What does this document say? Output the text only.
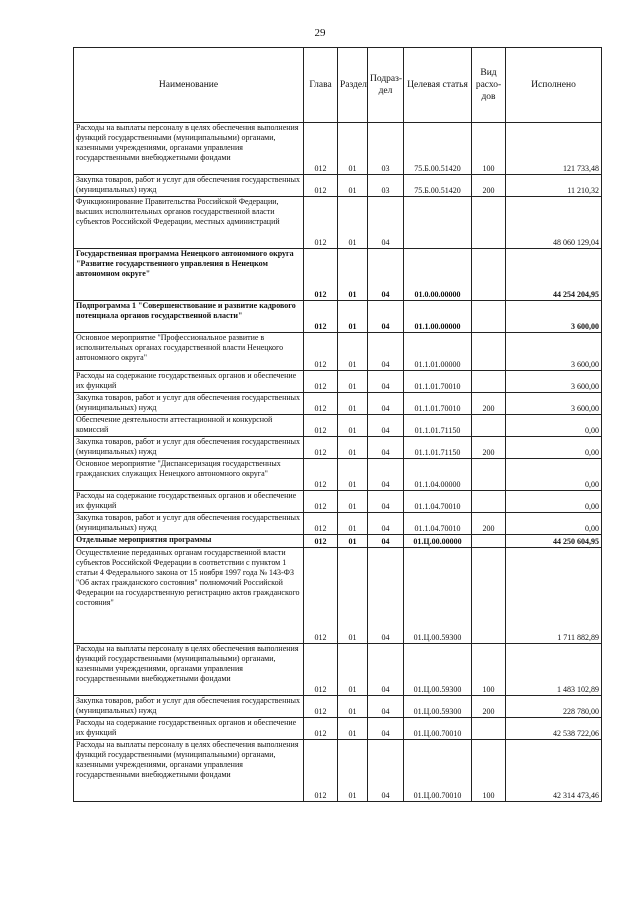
29
Наименование	Глава	Раздел	Подраз-дел	Целевая статья	Вид расхо-дов	Исполнено
Расходы на выплаты персоналу в целях обеспечения выполнения функций государственными (муниципальными) органами, казенными учреждениями, органами управления государственными внебюджетными фондами	012	01	03	75.Б.00.51420	100	121 733,48
Закупка товаров, работ и услуг для обеспечения государственных (муниципальных) нужд	012	01	03	75.Б.00.51420	200	11 210,32
Функционирование Правительства Российской Федерации, высших исполнительных органов государственной власти субъектов Российской Федерации, местных администраций	012	01	04			48 060 129,04
Государственная программа Ненецкого автономного округа "Развитие государственного управления в Ненецком автономном округе"	012	01	04	01.0.00.00000		44 254 204,95
Подпрограмма 1 "Совершенствование и развитие кадрового потенциала органов государственной власти"	012	01	04	01.1.00.00000		3 600,00
Основное мероприятие "Профессиональное развитие в исполнительных органах государственной власти Ненецкого автономного округа"	012	01	04	01.1.01.00000		3 600,00
Расходы на содержание государственных органов и обеспечение их функций	012	01	04	01.1.01.70010		3 600,00
Закупка товаров, работ и услуг для обеспечения государственных (муниципальных) нужд	012	01	04	01.1.01.70010	200	3 600,00
Обеспечение деятельности аттестационной и конкурсной комиссий	012	01	04	01.1.01.71150		0,00
Закупка товаров, работ и услуг для обеспечения государственных (муниципальных) нужд	012	01	04	01.1.01.71150	200	0,00
Основное мероприятие "Диспансеризация государственных гражданских служащих Ненецкого автономного округа"	012	01	04	01.1.04.00000		0,00
Расходы на содержание государственных органов и обеспечение их функций	012	01	04	01.1.04.70010		0,00
Закупка товаров, работ и услуг для обеспечения государственных (муниципальных) нужд	012	01	04	01.1.04.70010	200	0,00
Отдельные мероприятия программы	012	01	04	01.Ц.00.00000		44 250 604,95
Осуществление переданных органам государственной власти субъектов Российской Федерации в соответствии с пунктом 1 статьи 4 Федерального закона от 15 ноября 1997 года № 143-ФЗ "Об актах гражданского состояния" полномочий Российской Федерации на государственную регистрацию актов гражданского состояния"	012	01	04	01.Ц.00.59300		1 711 882,89
Расходы на выплаты персоналу в целях обеспечения выполнения функций государственными (муниципальными) органами, казенными учреждениями, органами управления государственными внебюджетными фондами	012	01	04	01.Ц.00.59300	100	1 483 102,89
Закупка товаров, работ и услуг для обеспечения государственных (муниципальных) нужд	012	01	04	01.Ц.00.59300	200	228 780,00
Расходы на содержание государственных органов и обеспечение их функций	012	01	04	01.Ц.00.70010		42 538 722,06
Расходы на выплаты персоналу в целях обеспечения выполнения функций государственными (муниципальными) органами, казенными учреждениями, органами управления государственными внебюджетными фондами	012	01	04	01.Ц.00.70010	100	42 314 473,46
